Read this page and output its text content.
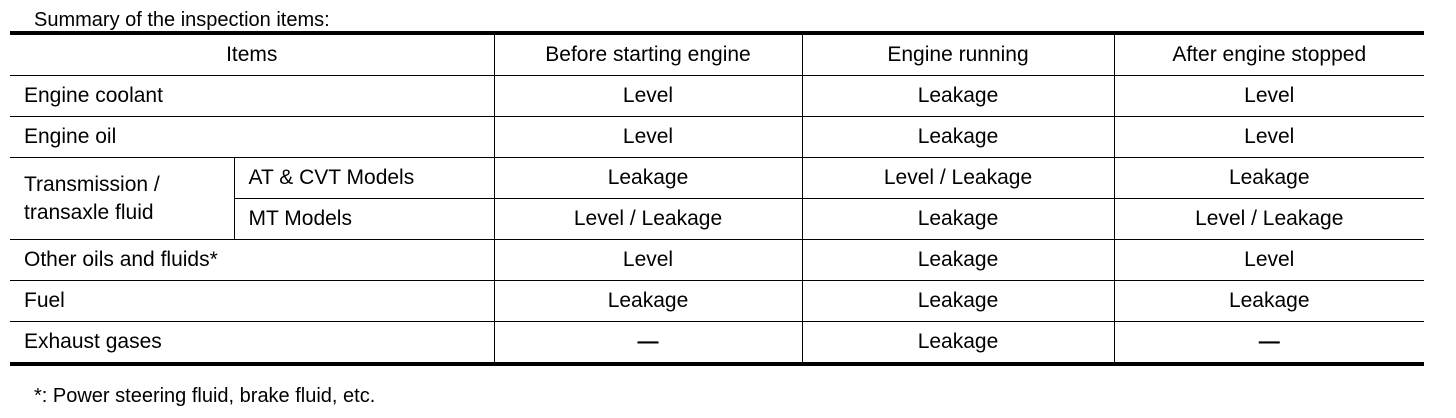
Summary of the inspection items:
Items		Before starting engine	Engine running	After engine stopped
Engine coolant		Level	Leakage	Level
Engine oil		Level	Leakage	Level
Transmission / transaxle fluid	AT & CVT Models	Leakage	Level / Leakage	Leakage
	MT Models	Level / Leakage	Leakage	Level / Leakage
Other oils and fluids*		Level	Leakage	Level
Fuel		Leakage	Leakage	Leakage
Exhaust gases		—	Leakage	—
*: Power steering fluid, brake fluid, etc.
